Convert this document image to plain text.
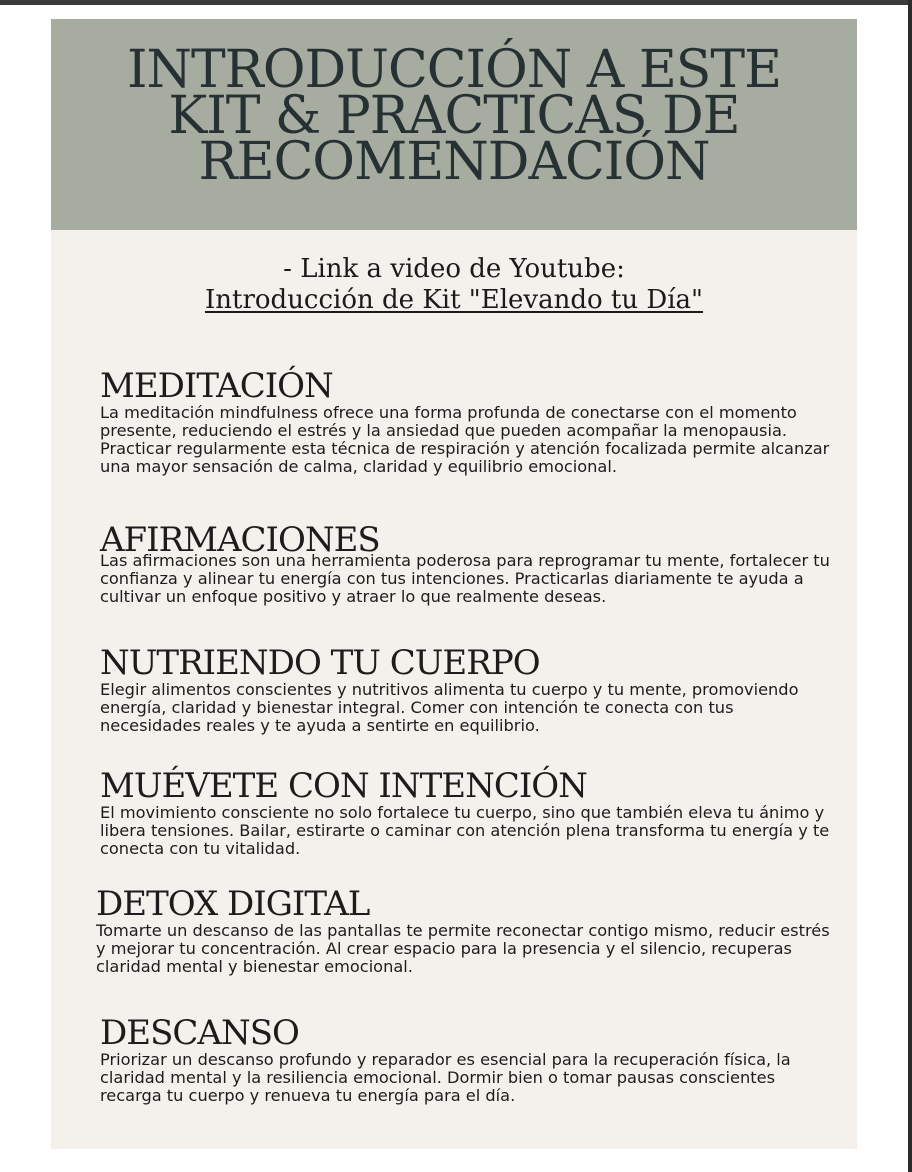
INTRODUCCIÓN A ESTE
KIT & PRACTICAS DE
RECOMENDACIÓN
- Link a video de Youtube:
Introducción de Kit "Elevando tu Día"
MEDITACIÓN

La meditación mindfulness ofrece una forma profunda de conectarse con el momento presente, reduciendo el estrés y la ansiedad que pueden acompañar la menopausia. Practicar regularmente esta técnica de respiración y atención focalizada permite alcanzar una mayor sensación de calma, claridad y equilibrio emocional.

AFIRMACIONES

Las afirmaciones son una herramienta poderosa para reprogramar tu mente, fortalecer tu confianza y alinear tu energía con tus intenciones. Practicarlas diariamente te ayuda a cultivar un enfoque positivo y atraer lo que realmente deseas.

NUTRIENDO TU CUERPO

Elegir alimentos conscientes y nutritivos alimenta tu cuerpo y tu mente, promoviendo energía, claridad y bienestar integral. Comer con intención te conecta con tus necesidades reales y te ayuda a sentirte en equilibrio.

MUÉVETE CON INTENCIÓN

El movimiento consciente no solo fortalece tu cuerpo, sino que también eleva tu ánimo y libera tensiones. Bailar, estirarte o caminar con atención plena transforma tu energía y te conecta con tu vitalidad.

DETOX DIGITAL

Tomarte un descanso de las pantallas te permite reconectar contigo mismo, reducir estrés y mejorar tu concentración. Al crear espacio para la presencia y el silencio, recuperas claridad mental y bienestar emocional.

DESCANSO

Priorizar un descanso profundo y reparador es esencial para la recuperación física, la claridad mental y la resiliencia emocional. Dormir bien o tomar pausas conscientes recarga tu cuerpo y renueva tu energía para el día.
